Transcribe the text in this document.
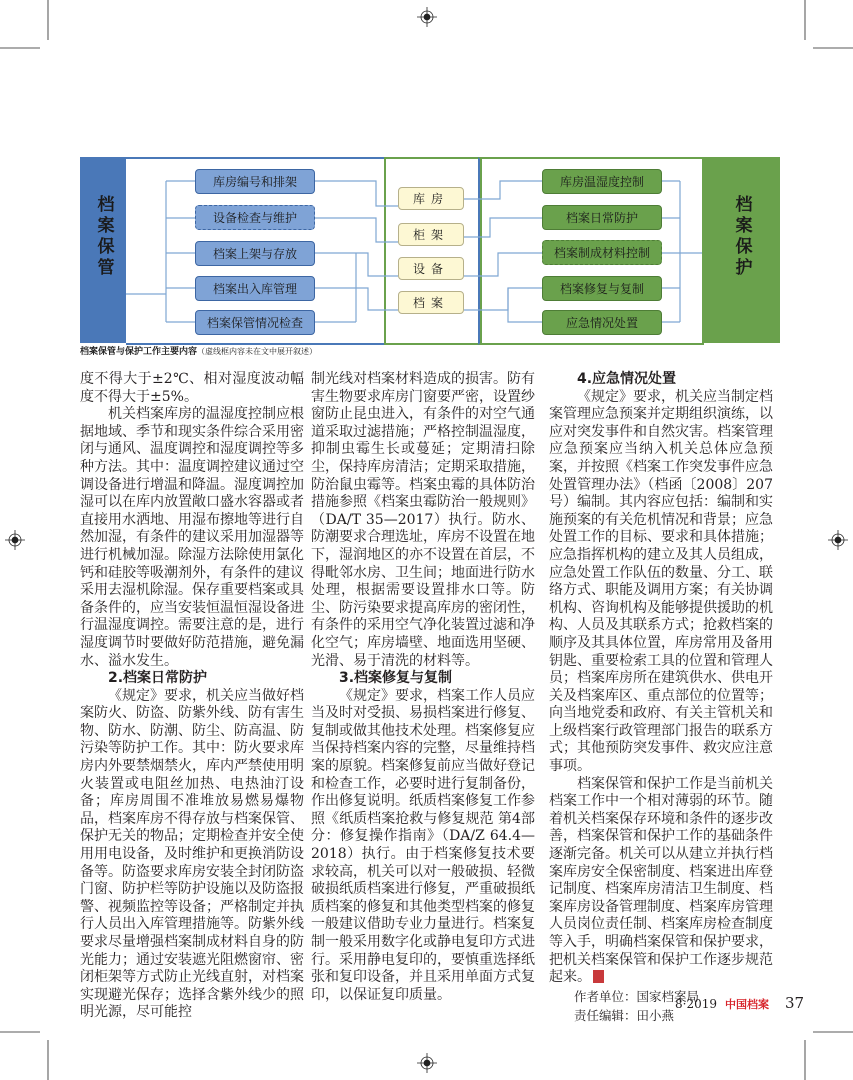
档案保管	档案保护
库房编号和排架
设备检查与维护
档案上架与存放
档案出入库管理
档案保管情况检查
库房
柜架
设备
档案
库房温湿度控制
档案日常防护
档案制成材料控制
档案修复与复制
应急情况处置
档案保管与保护工作主要内容（虚线框内容未在文中展开叙述）

度不得大于±2℃、相对湿度波动幅度不得大于±5%。

机关档案库房的温湿度控制应根据地域、季节和现实条件综合采用密闭与通风、温度调控和湿度调控等多种方法。其中：温度调控建议通过空调设备进行增温和降温。湿度调控加湿可以在库内放置敞口盛水容器或者直接用水洒地、用湿布擦地等进行自然加湿，有条件的建议采用加湿器等进行机械加湿。除湿方法除使用氯化钙和硅胶等吸潮剂外，有条件的建议采用去湿机除湿。保存重要档案或具备条件的，应当安装恒温恒湿设备进行温湿度调控。需要注意的是，进行湿度调节时要做好防范措施，避免漏水、溢水发生。

2.档案日常防护

《规定》要求，机关应当做好档案防火、防盗、防紫外线、防有害生物、防水、防潮、防尘、防高温、防污染等防护工作。其中：防火要求库房内外要禁烟禁火，库内严禁使用明火装置或电阻丝加热、电热油汀设备；库房周围不准堆放易燃易爆物品，档案库房不得存放与档案保管、保护无关的物品；定期检查并安全使用用电设备，及时维护和更换消防设备等。防盗要求库房安装全封闭防盗门窗、防护栏等防护设施以及防盗报警、视频监控等设备；严格制定并执行人员出入库管理措施等。防紫外线要求尽量增强档案制成材料自身的防光能力；通过安装遮光阻燃窗帘、密闭柜架等方式防止光线直射，对档案实现避光保存；选择含紫外线少的照明光源，尽可能控

制光线对档案材料造成的损害。防有害生物要求库房门窗要严密，设置纱窗防止昆虫进入，有条件的对空气通道采取过滤措施；严格控制温湿度，抑制虫霉生长或蔓延；定期清扫除尘，保持库房清洁；定期采取措施，防治鼠虫霉等。档案虫霉的具体防治措施参照《档案虫霉防治一般规则》（DA/T 35—2017）执行。防水、防潮要求合理选址，库房不设置在地下，湿润地区的亦不设置在首层，不得毗邻水房、卫生间；地面进行防水处理，根据需要设置排水口等。防尘、防污染要求提高库房的密闭性，有条件的采用空气净化装置过滤和净化空气；库房墙壁、地面选用坚硬、光滑、易于清洗的材料等。

3.档案修复与复制

《规定》要求，档案工作人员应当及时对受损、易损档案进行修复、复制或做其他技术处理。档案修复应当保持档案内容的完整，尽量维持档案的原貌。档案修复前应当做好登记和检查工作，必要时进行复制备份，作出修复说明。纸质档案修复工作参照《纸质档案抢救与修复规范 第4部分：修复操作指南》（DA/Z 64.4—2018）执行。由于档案修复技术要求较高，机关可以对一般破损、轻微破损纸质档案进行修复，严重破损纸质档案的修复和其他类型档案的修复一般建议借助专业力量进行。档案复制一般采用数字化或静电复印方式进行。采用静电复印的，要慎重选择纸张和复印设备，并且采用单面方式复印，以保证复印质量。

4.应急情况处置

《规定》要求，机关应当制定档案管理应急预案并定期组织演练，以应对突发事件和自然灾害。档案管理应急预案应当纳入机关总体应急预案，并按照《档案工作突发事件应急处置管理办法》（档函〔2008〕207号）编制。其内容应包括：编制和实施预案的有关危机情况和背景；应急处置工作的目标、要求和具体措施；应急指挥机构的建立及其人员组成，应急处置工作队伍的数量、分工、联络方式、职能及调用方案；有关协调机构、咨询机构及能够提供援助的机构、人员及其联系方式；抢救档案的顺序及其具体位置，库房常用及备用钥匙、重要检索工具的位置和管理人员；档案库房所在建筑供水、供电开关及档案库区、重点部位的位置等；向当地党委和政府、有关主管机关和上级档案行政管理部门报告的联系方式；其他预防突发事件、救灾应注意事项。

档案保管和保护工作是当前机关档案工作中一个相对薄弱的环节。随着机关档案保存环境和条件的逐步改善，档案保管和保护工作的基础条件逐渐完备。机关可以从建立并执行档案库房安全保密制度、档案进出库登记制度、档案库房清洁卫生制度、档案库房设备管理制度、档案库房管理人员岗位责任制、档案库房检查制度等入手，明确档案保管和保护要求，把机关档案保管和保护工作逐步规范起来。

作者单位：国家档案局
责任编辑：田小燕
8·2019 中国档案 37
